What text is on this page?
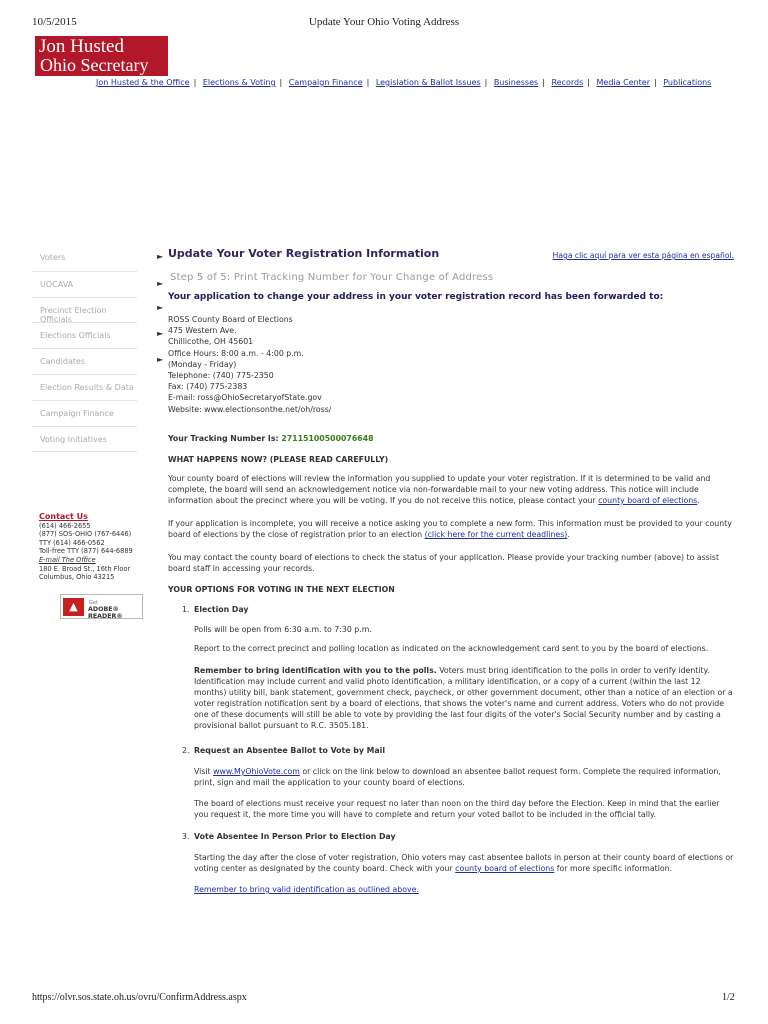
10/5/2015	Update Your Ohio Voting Address
Jon Husted
Ohio Secretary
Jon Husted & the Office | Elections & Voting | Campaign Finance | Legislation & Ballot Issues | Businesses | Records | Media Center | Publications
Voters
UOCAVA
Precinct Election Officials
Elections Officials
Candidates
Election Results & Data
Campaign Finance
Voting Initiatives
►
►
►
►
►
Contact Us
(614) 466-2655
(877) SOS-OHIO (767-6446)
TTY (614) 466-0562
Toll-free TTY (877) 644-6889
E-mail The Office
180 E. Broad St., 16th Floor
Columbus, Ohio 43215
▲	Get
ADOBE® READER®
Update Your Voter Registration Information	Haga clic aquí para ver esta página en español.
Step 5 of 5: Print Tracking Number for Your Change of Address
Your application to change your address in your voter registration record has been forwarded to:
ROSS County Board of Elections
475 Western Ave.
Chillicothe, OH 45601
Office Hours: 8:00 a.m. - 4:00 p.m.
(Monday - Friday)
Telephone: (740) 775-2350
Fax: (740) 775-2383
E-mail: ross@OhioSecretaryofState.gov
Website: www.electionsonthe.net/oh/ross/
Your Tracking Number Is: 27115100500076648
WHAT HAPPENS NOW? (PLEASE READ CAREFULLY)
Your county board of elections will review the information you supplied to update your voter registration. If it is determined to be valid and complete, the board will send an acknowledgement notice via non-forwardable mail to your new voting address. This notice will include information about the precinct where you will be voting. If you do not receive this notice, please contact your county board of elections.
If your application is incomplete, you will receive a notice asking you to complete a new form. This information must be provided to your county board of elections by the close of registration prior to an election (click here for the current deadlines).
You may contact the county board of elections to check the status of your application. Please provide your tracking number (above) to assist board staff in accessing your records.
YOUR OPTIONS FOR VOTING IN THE NEXT ELECTION
1. Election Day
Polls will be open from 6:30 a.m. to 7:30 p.m.
Report to the correct precinct and polling location as indicated on the acknowledgement card sent to you by the board of elections.
Remember to bring identification with you to the polls. Voters must bring identification to the polls in order to verify identity. Identification may include current and valid photo identification, a military identification, or a copy of a current (within the last 12 months) utility bill, bank statement, government check, paycheck, or other government document, other than a notice of an election or a voter registration notification sent by a board of elections, that shows the voter's name and current address. Voters who do not provide one of these documents will still be able to vote by providing the last four digits of the voter's Social Security number and by casting a provisional ballot pursuant to R.C. 3505.181.
2. Request an Absentee Ballot to Vote by Mail
Visit www.MyOhioVote.com or click on the link below to download an absentee ballot request form. Complete the required information, print, sign and mail the application to your county board of elections.
The board of elections must receive your request no later than noon on the third day before the Election. Keep in mind that the earlier you request it, the more time you will have to complete and return your voted ballot to be included in the official tally.
3. Vote Absentee In Person Prior to Election Day
Starting the day after the close of voter registration, Ohio voters may cast absentee ballots in person at their county board of elections or voting center as designated by the county board. Check with your county board of elections for more specific information.
Remember to bring valid identification as outlined above.
https://olvr.sos.state.oh.us/ovru/ConfirmAddress.aspx	1/2
